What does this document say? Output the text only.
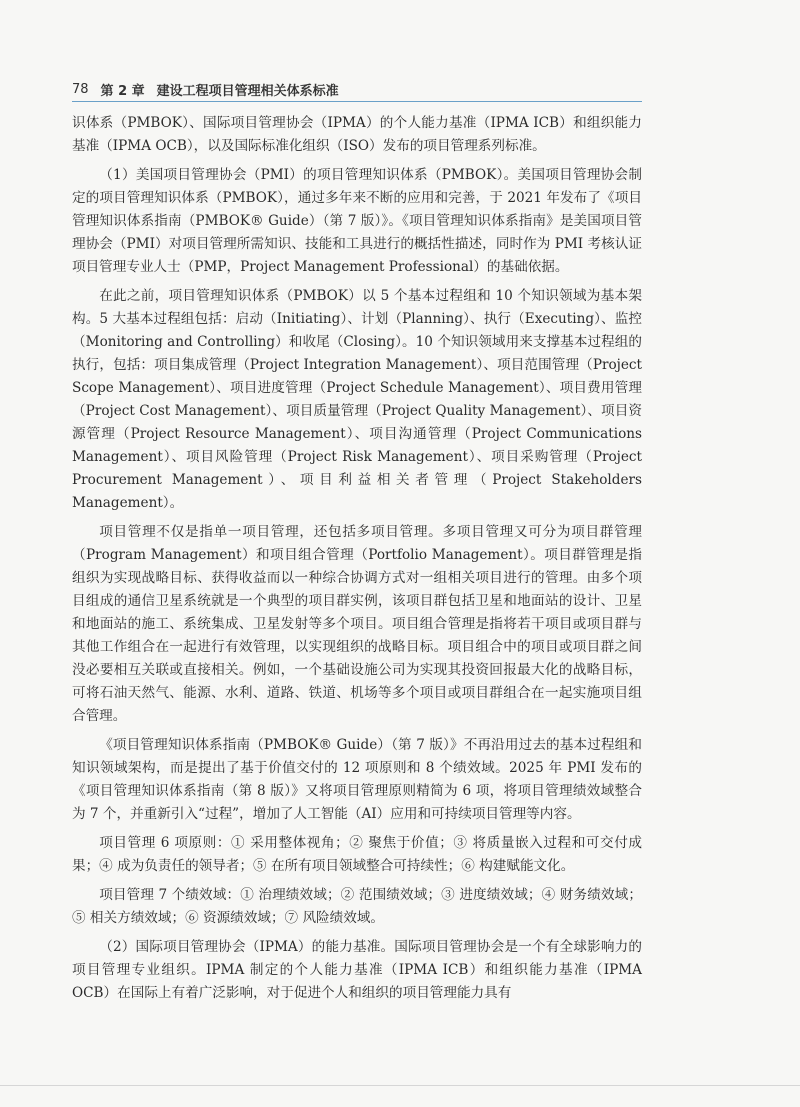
78 第 2 章 建设工程项目管理相关体系标准

识体系（PMBOK）、国际项目管理协会（IPMA）的个人能力基准（IPMA ICB）和组织能力基准（IPMA OCB），以及国际标准化组织（ISO）发布的项目管理系列标准。

（1）美国项目管理协会（PMI）的项目管理知识体系（PMBOK）。美国项目管理协会制定的项目管理知识体系（PMBOK），通过多年来不断的应用和完善，于 2021 年发布了《项目管理知识体系指南（PMBOK® Guide）（第 7 版）》。《项目管理知识体系指南》是美国项目管理协会（PMI）对项目管理所需知识、技能和工具进行的概括性描述，同时作为 PMI 考核认证项目管理专业人士（PMP，Project Management Professional）的基础依据。

在此之前，项目管理知识体系（PMBOK）以 5 个基本过程组和 10 个知识领域为基本架构。5 大基本过程组包括：启动（Initiating）、计划（Planning）、执行（Executing）、监控（Monitoring and Controlling）和收尾（Closing）。10 个知识领域用来支撑基本过程组的执行，包括：项目集成管理（Project Integration Management）、项目范围管理（Project Scope Management）、项目进度管理（Project Schedule Management）、项目费用管理（Project Cost Management）、项目质量管理（Project Quality Management）、项目资源管理（Project Resource Management）、项目沟通管理（Project Communications Management）、项目风险管理（Project Risk Management）、项目采购管理（Project Procurement Management）、项目利益相关者管理（Project Stakeholders Management）。

项目管理不仅是指单一项目管理，还包括多项目管理。多项目管理又可分为项目群管理（Program Management）和项目组合管理（Portfolio Management）。项目群管理是指组织为实现战略目标、获得收益而以一种综合协调方式对一组相关项目进行的管理。由多个项目组成的通信卫星系统就是一个典型的项目群实例，该项目群包括卫星和地面站的设计、卫星和地面站的施工、系统集成、卫星发射等多个项目。项目组合管理是指将若干项目或项目群与其他工作组合在一起进行有效管理，以实现组织的战略目标。项目组合中的项目或项目群之间没必要相互关联或直接相关。例如，一个基础设施公司为实现其投资回报最大化的战略目标，可将石油天然气、能源、水利、道路、铁道、机场等多个项目或项目群组合在一起实施项目组合管理。

《项目管理知识体系指南（PMBOK® Guide）（第 7 版）》不再沿用过去的基本过程组和知识领域架构，而是提出了基于价值交付的 12 项原则和 8 个绩效域。2025 年 PMI 发布的《项目管理知识体系指南（第 8 版）》又将项目管理原则精简为 6 项，将项目管理绩效域整合为 7 个，并重新引入“过程”，增加了人工智能（AI）应用和可持续项目管理等内容。

项目管理 6 项原则：① 采用整体视角；② 聚焦于价值；③ 将质量嵌入过程和可交付成果；④ 成为负责任的领导者；⑤ 在所有项目领域整合可持续性；⑥ 构建赋能文化。

项目管理 7 个绩效域：① 治理绩效域；② 范围绩效域；③ 进度绩效域；④ 财务绩效域；⑤ 相关方绩效域；⑥ 资源绩效域；⑦ 风险绩效域。

（2）国际项目管理协会（IPMA）的能力基准。国际项目管理协会是一个有全球影响力的项目管理专业组织。IPMA 制定的个人能力基准（IPMA ICB）和组织能力基准（IPMA OCB）在国际上有着广泛影响，对于促进个人和组织的项目管理能力具有
